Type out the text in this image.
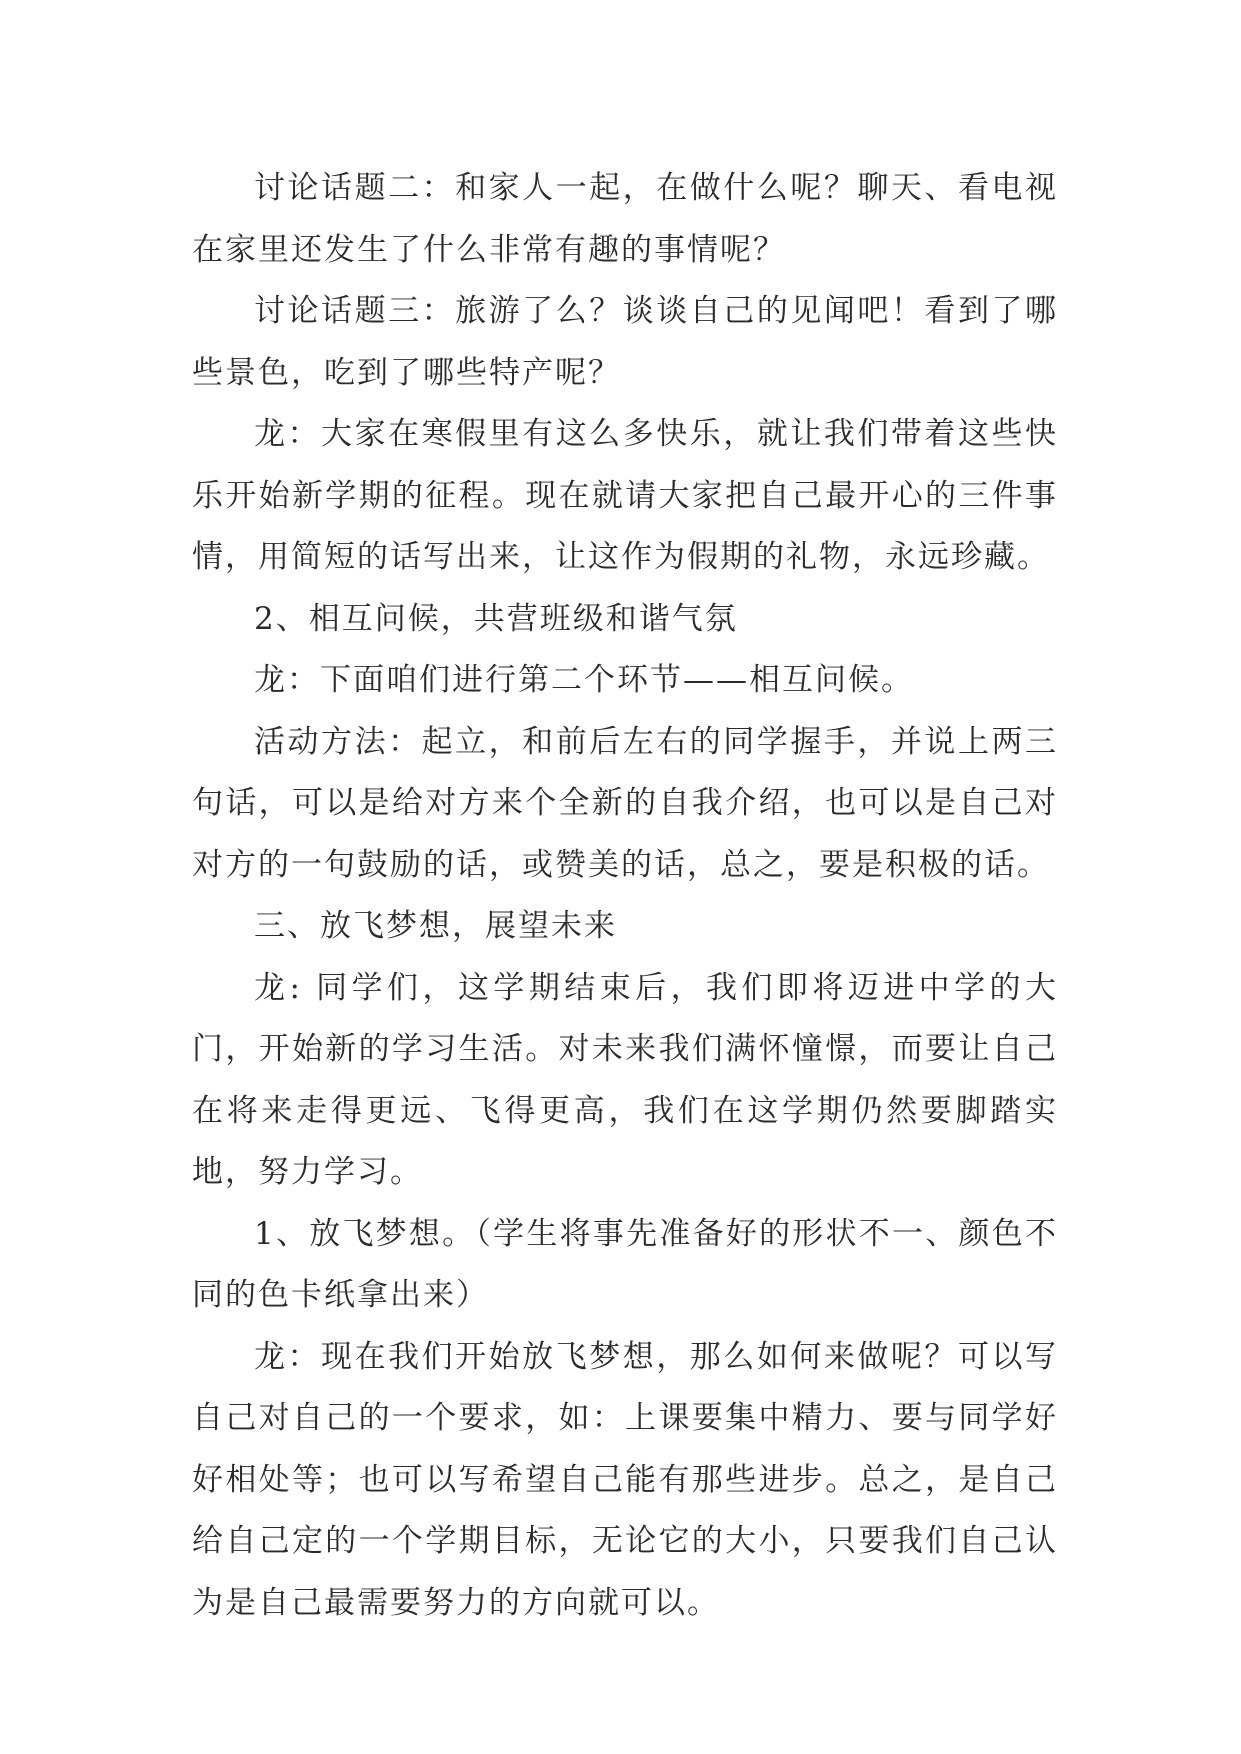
讨论话题二：和家人一起，在做什么呢？聊天、看电视在家里还发生了什么非常有趣的事情呢？

讨论话题三：旅游了么？谈谈自己的见闻吧！看到了哪些景色，吃到了哪些特产呢？

龙：大家在寒假里有这么多快乐，就让我们带着这些快乐开始新学期的征程。现在就请大家把自己最开心的三件事情，用简短的话写出来，让这作为假期的礼物，永远珍藏。

2、相互问候，共营班级和谐气氛

龙：下面咱们进行第二个环节——相互问候。

活动方法：起立，和前后左右的同学握手，并说上两三句话，可以是给对方来个全新的自我介绍，也可以是自己对对方的一句鼓励的话，或赞美的话，总之，要是积极的话。

三、放飞梦想，展望未来

龙: 同学们，这学期结束后，我们即将迈进中学的大门，开始新的学习生活。对未来我们满怀憧憬，而要让自己在将来走得更远、飞得更高，我们在这学期仍然要脚踏实地，努力学习。

1、放飞梦想。（学生将事先准备好的形状不一、颜色不同的色卡纸拿出来）

龙：现在我们开始放飞梦想，那么如何来做呢？可以写自己对自己的一个要求，如：上课要集中精力、要与同学好好相处等；也可以写希望自己能有那些进步。总之，是自己给自己定的一个学期目标，无论它的大小，只要我们自己认为是自己最需要努力的方向就可以。
